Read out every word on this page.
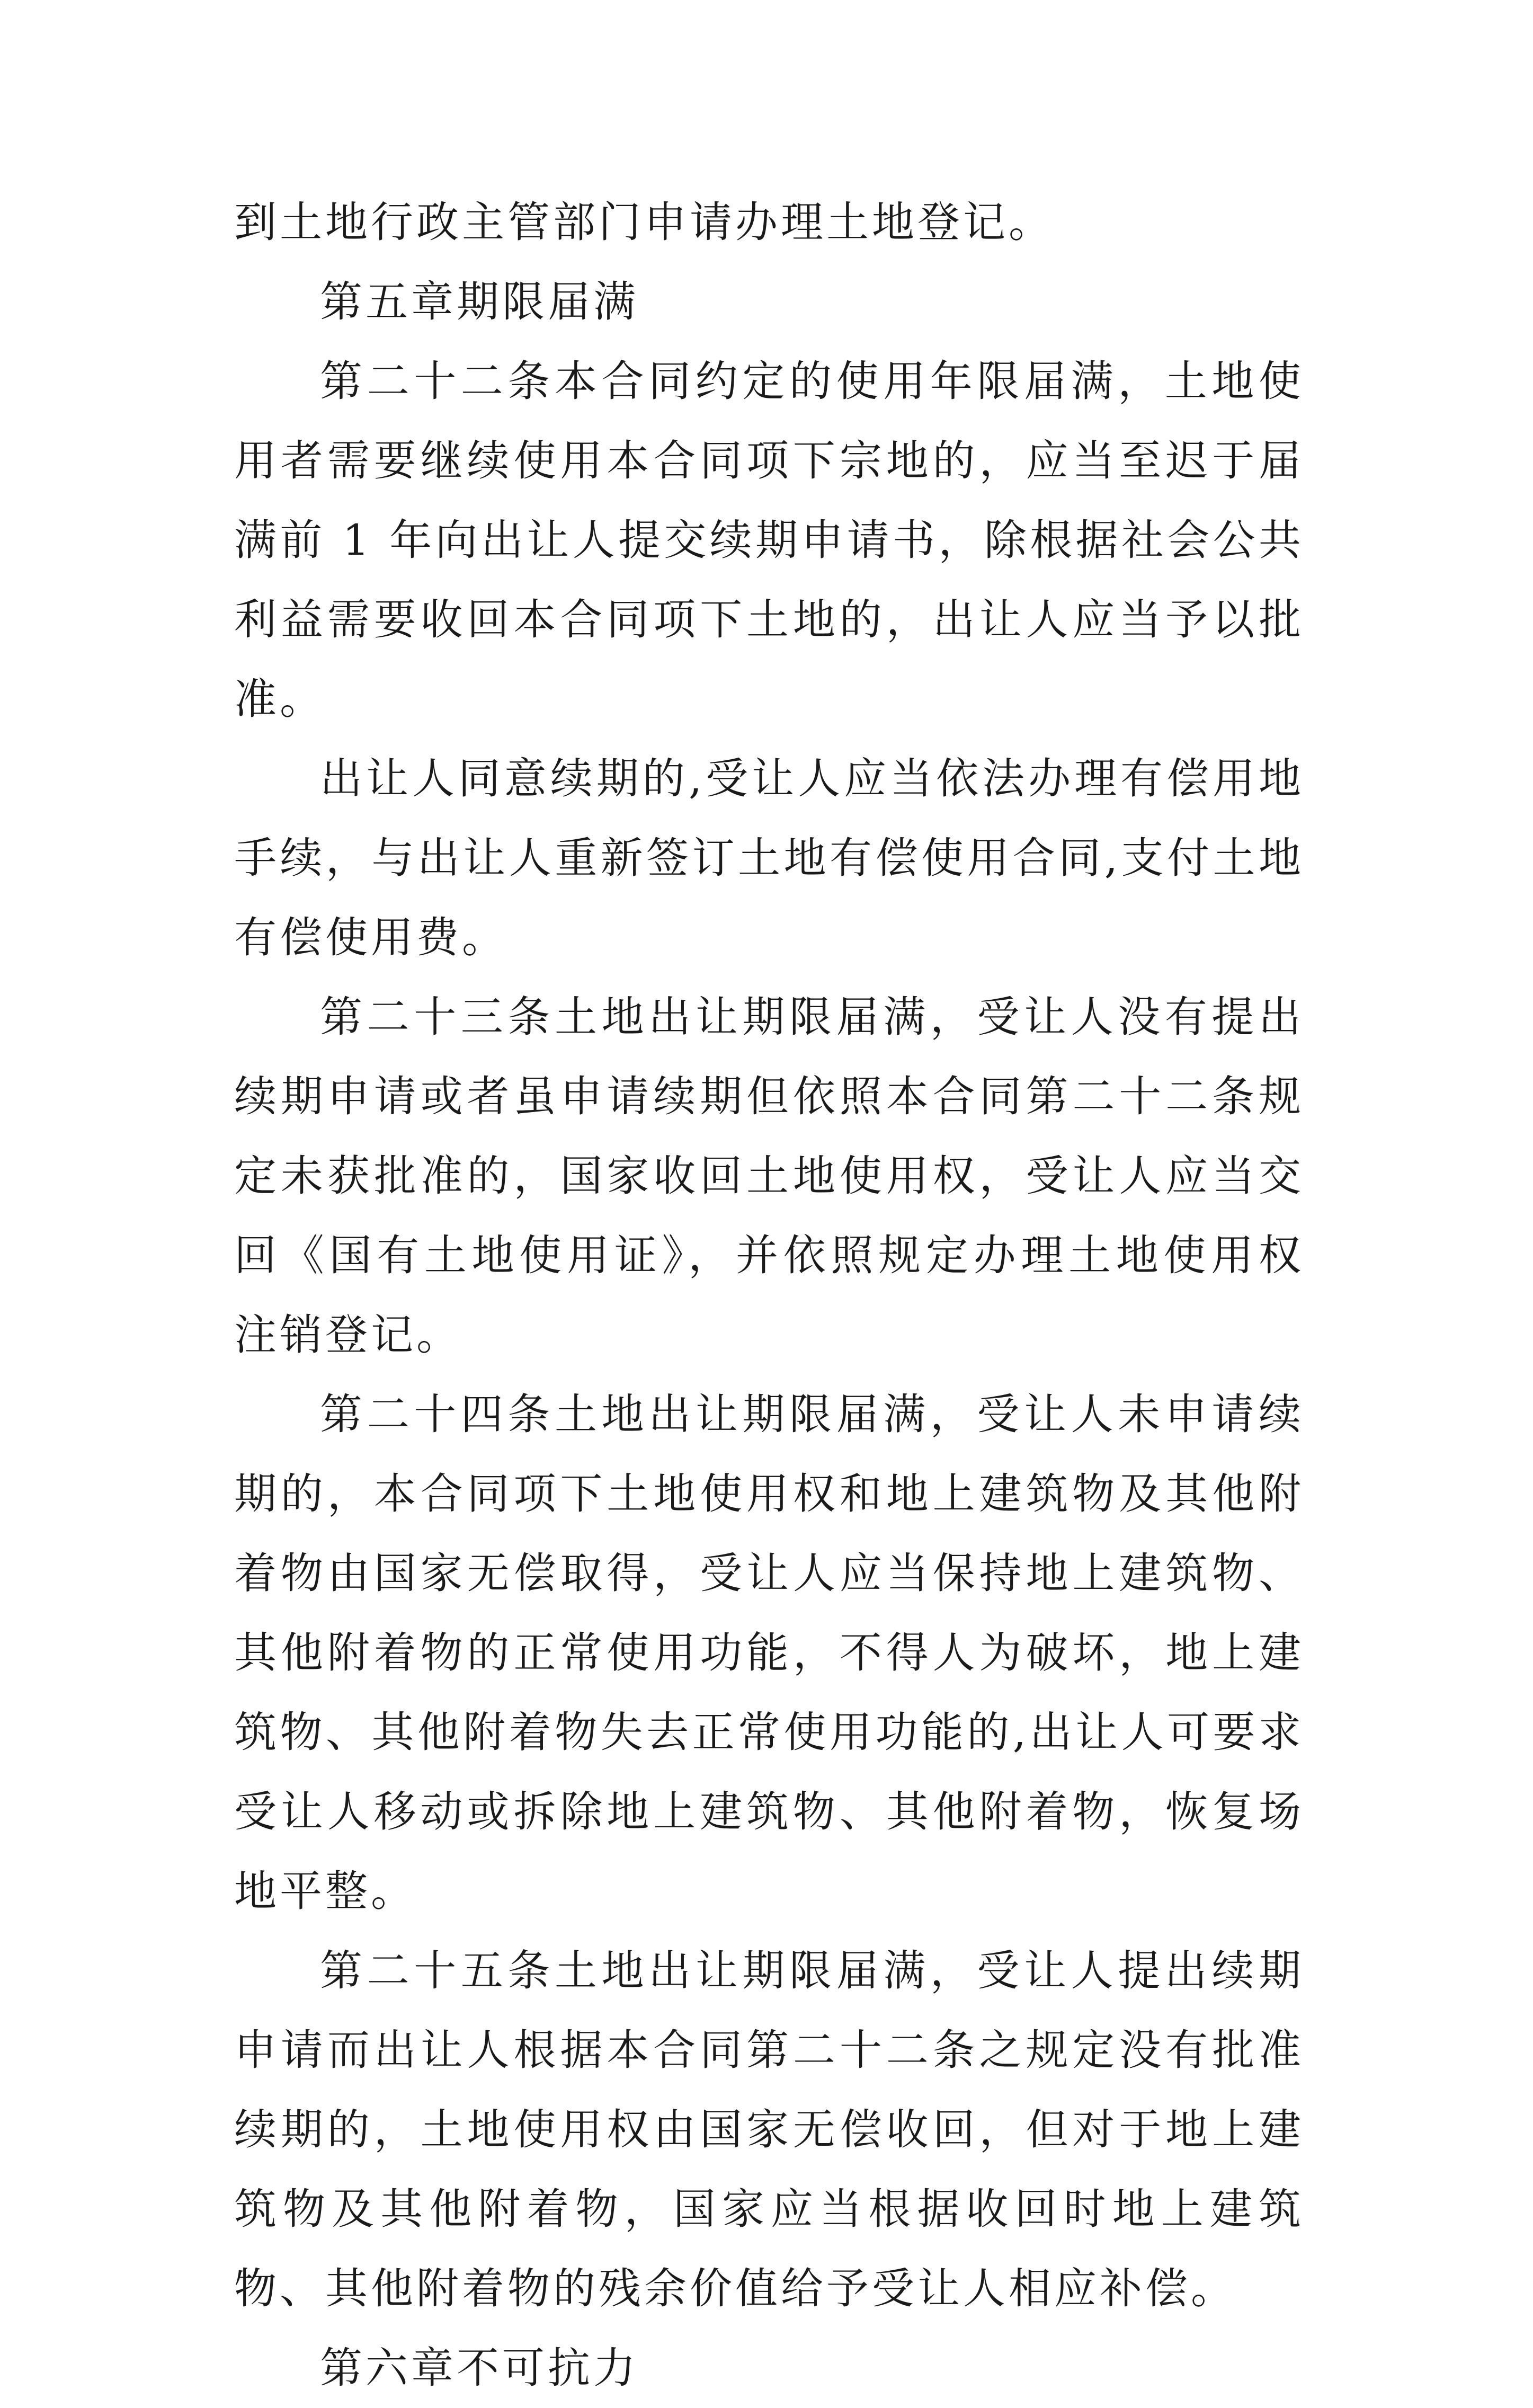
到土地行政主管部门申请办理土地登记。

第五章期限届满

第二十二条本合同约定的使用年限届满，土地使用者需要继续使用本合同项下宗地的，应当至迟于届满前 1 年向出让人提交续期申请书，除根据社会公共利益需要收回本合同项下土地的，出让人应当予以批准。

出让人同意续期的,受让人应当依法办理有偿用地手续，与出让人重新签订土地有偿使用合同,支付土地有偿使用费。

第二十三条土地出让期限届满，受让人没有提出续期申请或者虽申请续期但依照本合同第二十二条规定未获批准的，国家收回土地使用权，受让人应当交回《国有土地使用证》，并依照规定办理土地使用权注销登记。

第二十四条土地出让期限届满，受让人未申请续期的，本合同项下土地使用权和地上建筑物及其他附着物由国家无偿取得，受让人应当保持地上建筑物、其他附着物的正常使用功能，不得人为破坏，地上建筑物、其他附着物失去正常使用功能的,出让人可要求受让人移动或拆除地上建筑物、其他附着物，恢复场地平整。

第二十五条土地出让期限届满，受让人提出续期申请而出让人根据本合同第二十二条之规定没有批准续期的，土地使用权由国家无偿收回，但对于地上建筑物及其他附着物，国家应当根据收回时地上建筑物、其他附着物的残余价值给予受让人相应补偿。

第六章不可抗力
